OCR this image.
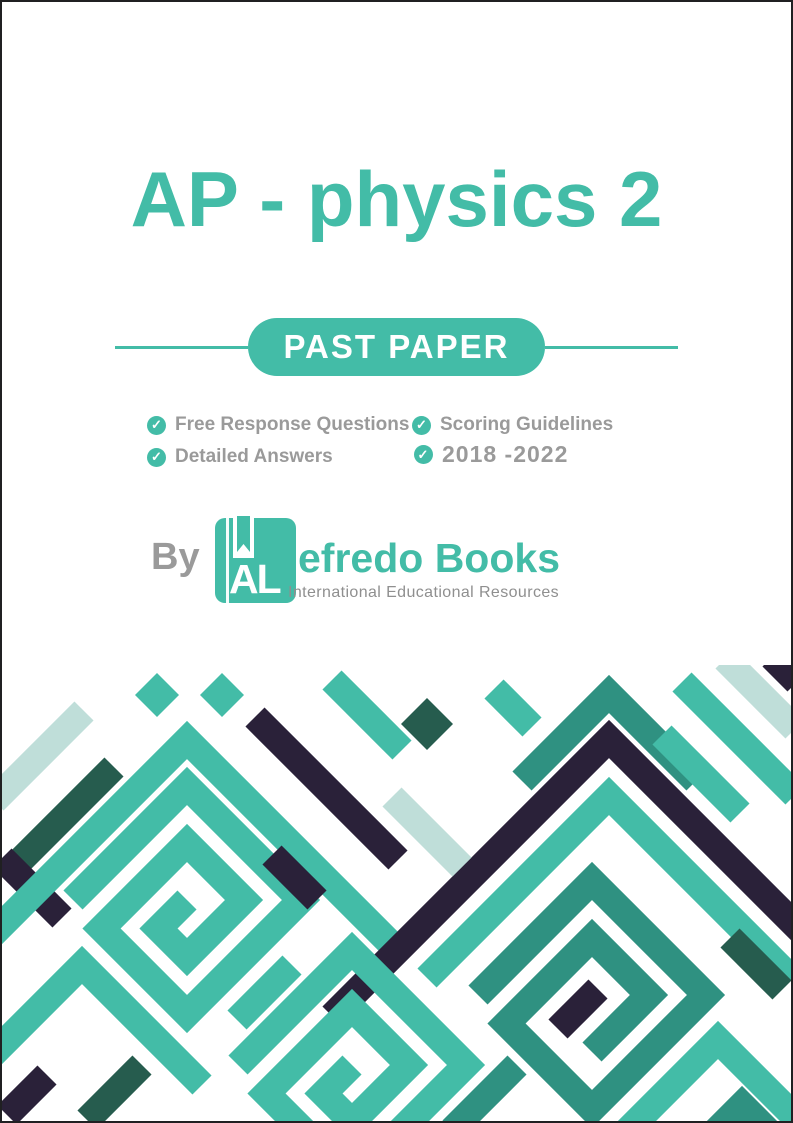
AP - physics 2
PAST PAPER
✓ Free Response Questions ✓ Scoring Guidelines
✓ Detailed Answers	✓ 2018 -2022
By AL efredo Books
International Educational Resources
